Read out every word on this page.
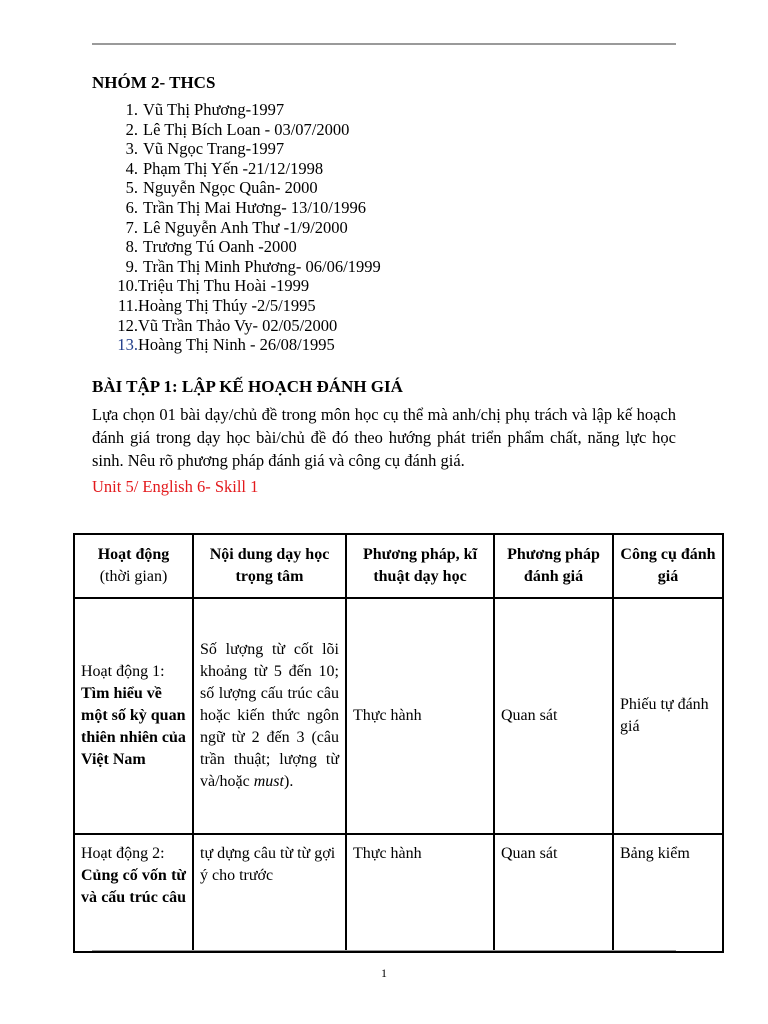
NHÓM 2- THCS
1. Vũ Thị Phương-1997
2. Lê Thị Bích Loan - 03/07/2000
3. Vũ Ngọc Trang-1997
4. Phạm Thị Yến -21/12/1998
5. Nguyễn Ngọc Quân- 2000
6. Trần Thị Mai Hương- 13/10/1996
7. Lê Nguyễn Anh Thư -1/9/2000
8. Trương Tú Oanh -2000
9. Trần Thị Minh Phương- 06/06/1999
10. Triệu Thị Thu Hoài -1999
11. Hoàng Thị Thúy -2/5/1995
12. Vũ Trần Thảo Vy- 02/05/2000
13. Hoàng Thị Ninh - 26/08/1995
BÀI TẬP 1: LẬP KẾ HOẠCH ĐÁNH GIÁ
Lựa chọn 01 bài dạy/chủ đề trong môn học cụ thể mà anh/chị phụ trách và lập kế hoạch đánh giá trong dạy học bài/chủ đề đó theo hướng phát triển phẩm chất, năng lực học sinh. Nêu rõ phương pháp đánh giá và công cụ đánh giá.
Unit 5/ English 6- Skill 1
Hoạt động
(thời gian)	Nội dung dạy học trọng tâm	Phương pháp, kĩ thuật dạy học	Phương pháp đánh giá	Công cụ đánh giá

Hoạt động 1:
Tìm hiểu về một số kỳ quan thiên nhiên của Việt Nam	Số lượng từ cốt lõi khoảng từ 5 đến 10; số lượng cấu trúc câu hoặc kiến thức ngôn ngữ từ 2 đến 3 (câu trần thuật; lượng từ và/hoặc must).	Thực hành	Quan sát	Phiếu tự đánh giá

Hoạt động 2:
Củng cố vốn từ và cấu trúc câu	tự dựng câu từ từ gợi ý cho trước	Thực hành	Quan sát	Bảng kiểm
1
